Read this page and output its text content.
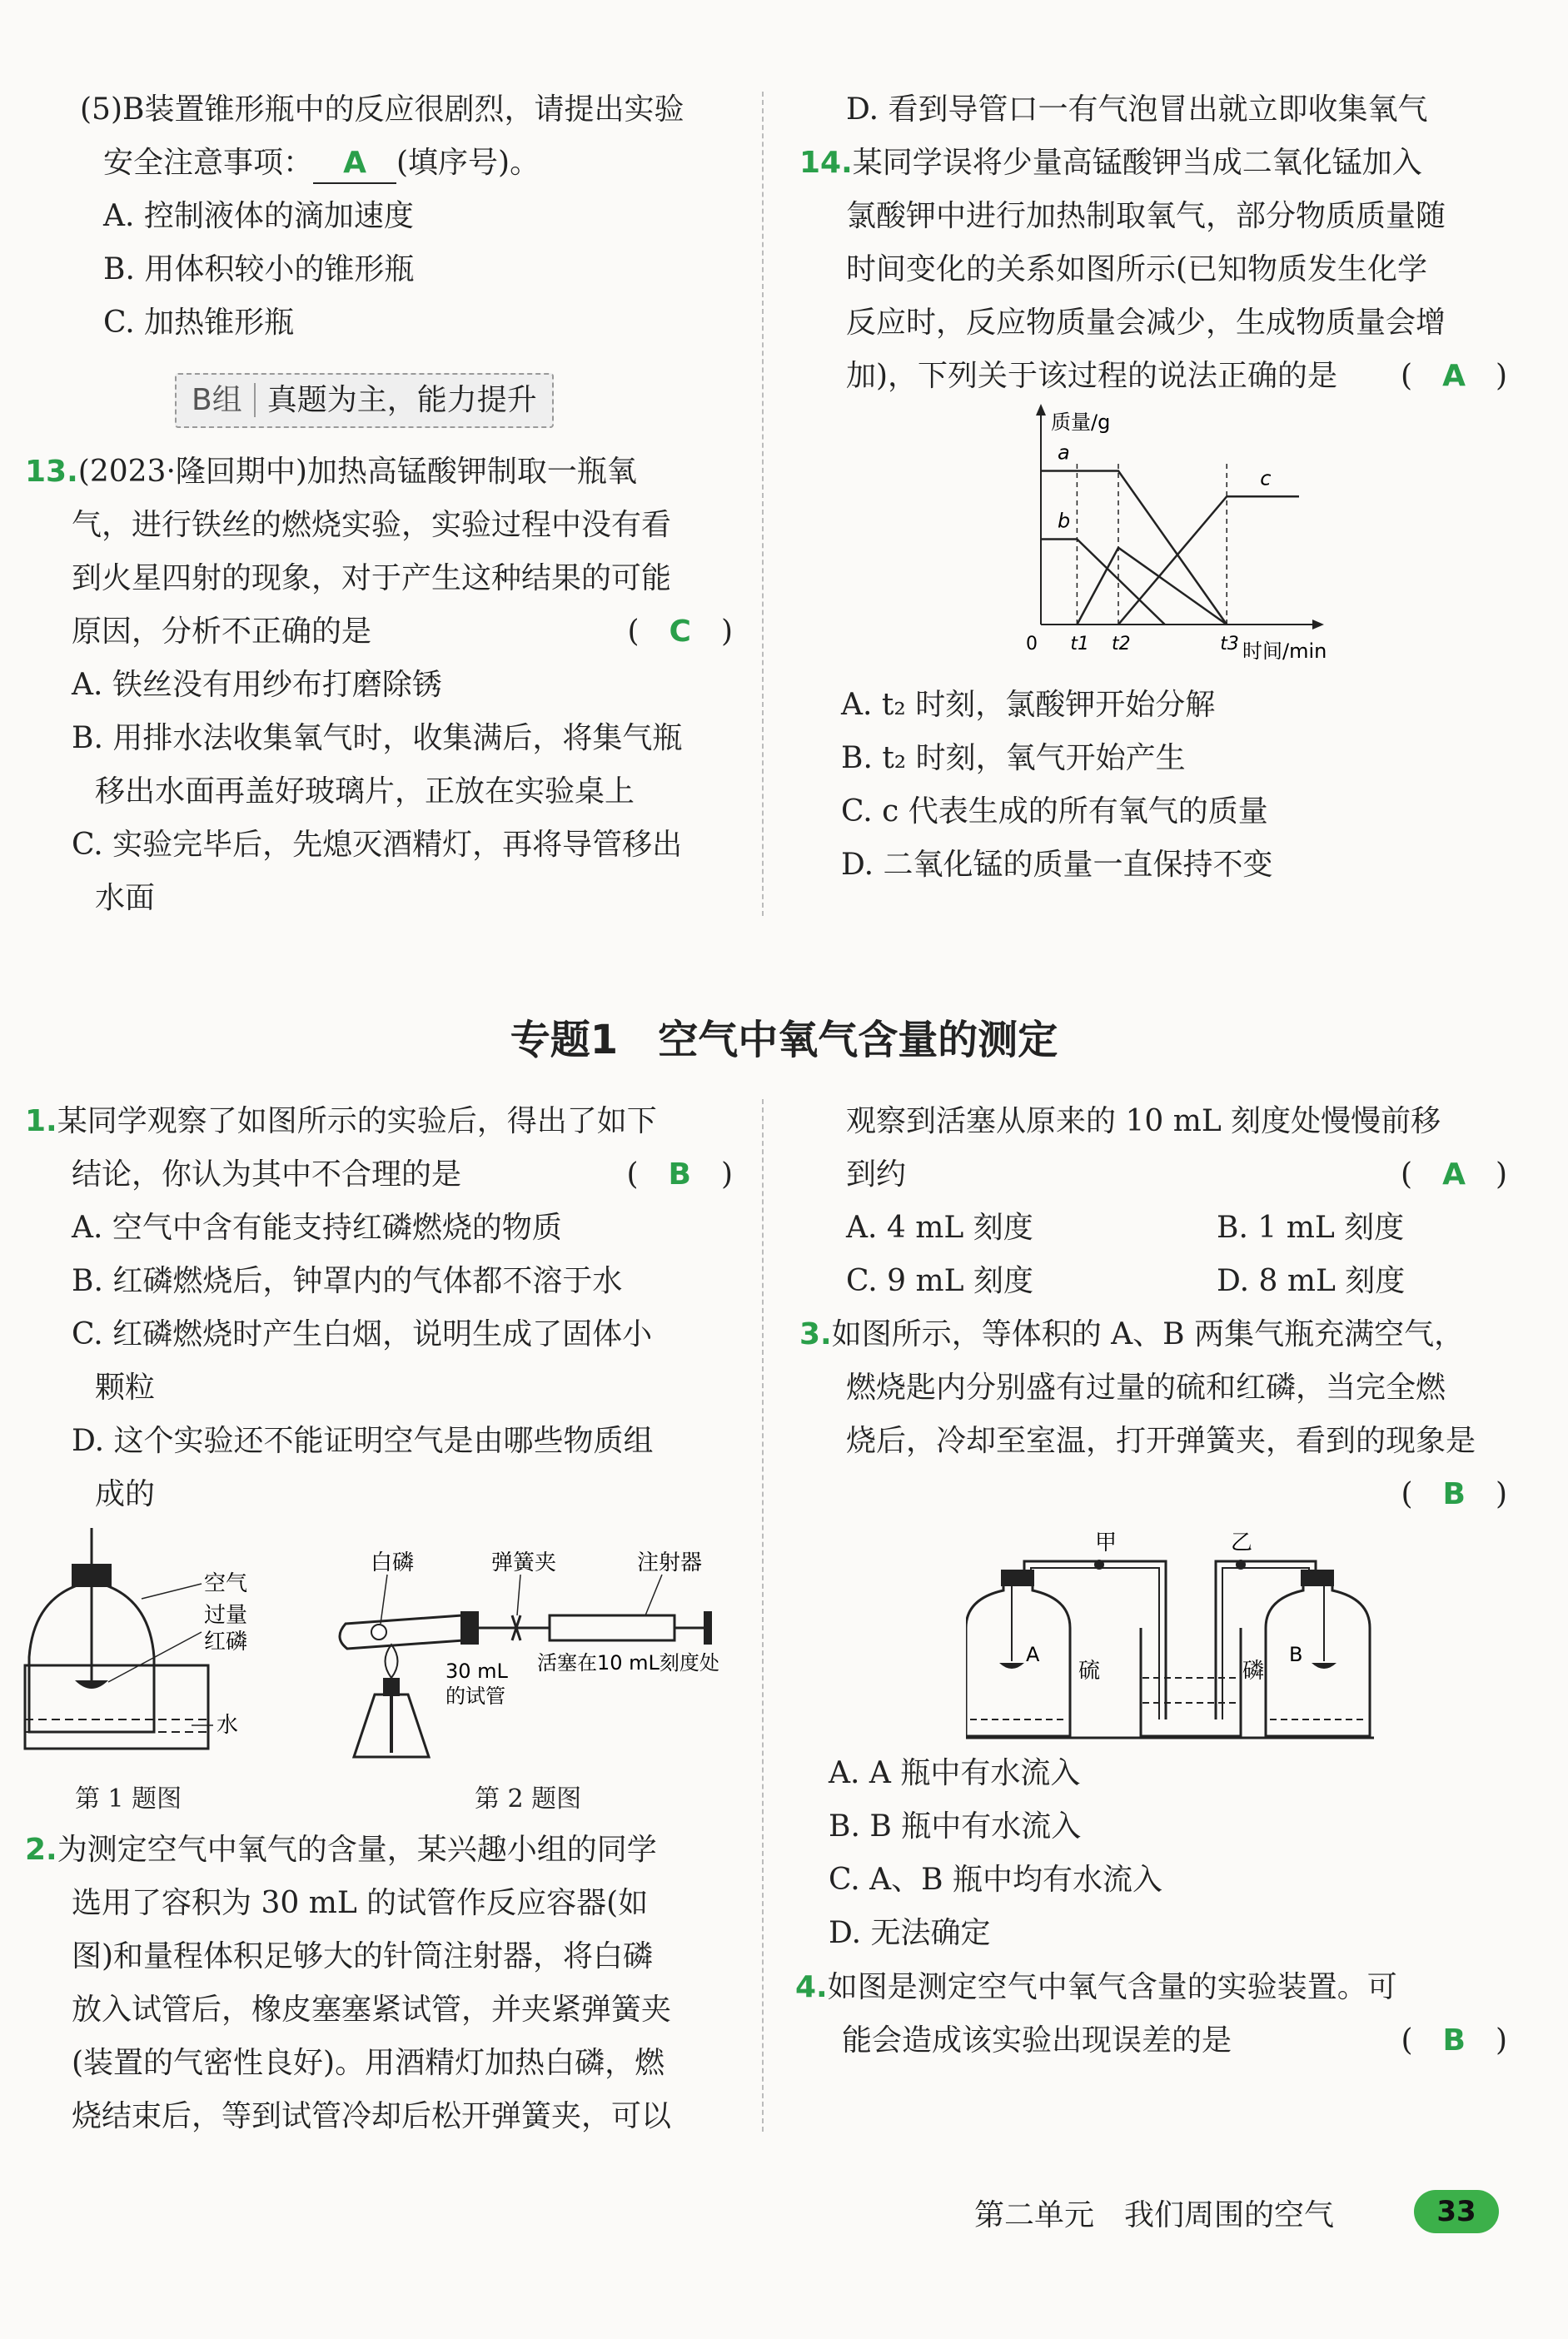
(5)B装置锥形瓶中的反应很剧烈，请提出实验
安全注意事项： A (填序号)。
A. 控制液体的滴加速度
B. 用体积较小的锥形瓶
C. 加热锥形瓶
B组 真题为主，能力提升
13.(2023·隆回期中)加热高锰酸钾制取一瓶氧
气，进行铁丝的燃烧实验，实验过程中没有看
到火星四射的现象，对于产生这种结果的可能
原因，分析不正确的是	(　C　)
A. 铁丝没有用纱布打磨除锈
B. 用排水法收集氧气时，收集满后，将集气瓶
移出水面再盖好玻璃片，正放在实验桌上
C. 实验完毕后，先熄灭酒精灯，再将导管移出
水面
D. 看到导管口一有气泡冒出就立即收集氧气
14.某同学误将少量高锰酸钾当成二氧化锰加入
氯酸钾中进行加热制取氧气，部分物质质量随
时间变化的关系如图所示(已知物质发生化学
反应时，反应物质量会减少，生成物质量会增
加)，下列关于该过程的说法正确的是 (　A　)
质量/g
时间/min
0 t1 t2	t3
a
b
c
A. t₂ 时刻，氯酸钾开始分解
B. t₂ 时刻，氧气开始产生
C. c 代表生成的所有氧气的质量
D. 二氧化锰的质量一直保持不变
专题1　空气中氧气含量的测定
1.某同学观察了如图所示的实验后，得出了如下
结论，你认为其中不合理的是	(　B　)
A. 空气中含有能支持红磷燃烧的物质
B. 红磷燃烧后，钟罩内的气体都不溶于水
C. 红磷燃烧时产生白烟，说明生成了固体小
颗粒
D. 这个实验还不能证明空气是由哪些物质组
成的
空气
过量
红磷
水
第 1 题图
白磷	弹簧夹	注射器
30 mL
的试管
活塞在10 mL刻度处
第 2 题图
2.为测定空气中氧气的含量，某兴趣小组的同学
选用了容积为 30 mL 的试管作反应容器(如
图)和量程体积足够大的针筒注射器，将白磷
放入试管后，橡皮塞塞紧试管，并夹紧弹簧夹
(装置的气密性良好)。用酒精灯加热白磷，燃
烧结束后，等到试管冷却后松开弹簧夹，可以
观察到活塞从原来的 10 mL 刻度处慢慢前移
到约	(　A　)
A. 4 mL 刻度	B. 1 mL 刻度
C. 9 mL 刻度	D. 8 mL 刻度
3.如图所示，等体积的 A、B 两集气瓶充满空气，
燃烧匙内分别盛有过量的硫和红磷，当完全燃
烧后，冷却至室温，打开弹簧夹，看到的现象是
(　B　)

甲	乙
A
硫
B
磷
A. A 瓶中有水流入
B. B 瓶中有水流入
C. A、B 瓶中均有水流入
D. 无法确定
4.如图是测定空气中氧气含量的实验装置。可
能会造成该实验出现误差的是	(　B　)
第二单元　我们周围的空气	33
